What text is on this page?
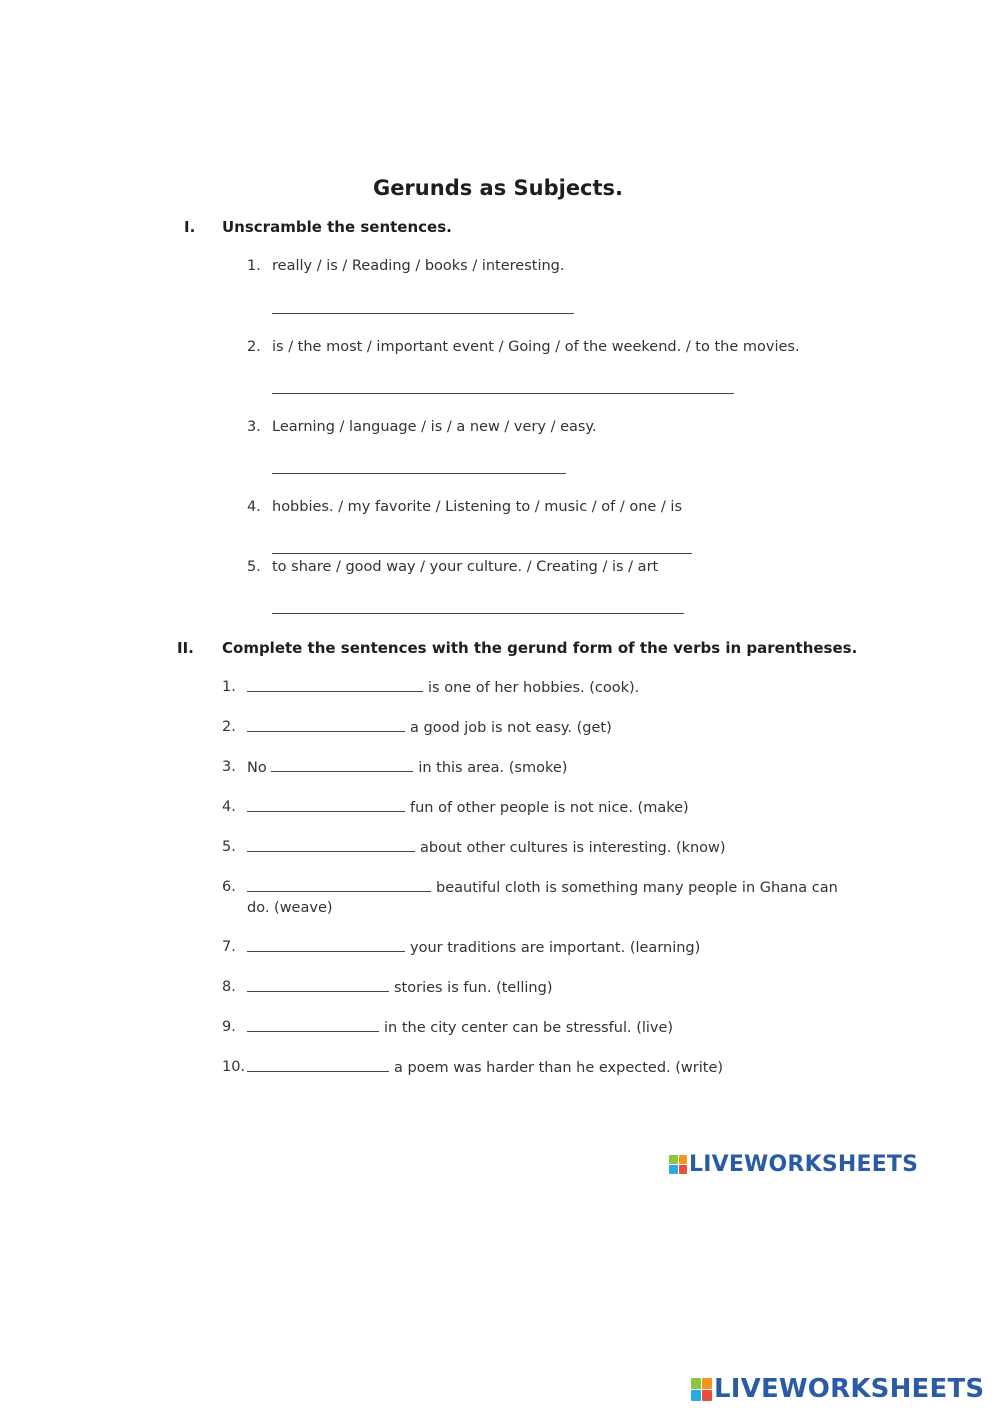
Gerunds as Subjects.
I. Unscramble the sentences.
1. really / is / Reading / books / interesting.
2. is / the most / important event / Going / of the weekend. / to the movies.
3. Learning / language / is / a new / very / easy.
4. hobbies. / my favorite / Listening to / music / of / one / is
5. to share / good way / your culture. / Creating / is / art
II. Complete the sentences with the gerund form of the verbs in parentheses.
1.	is one of her hobbies. (cook).
2.	a good job is not easy. (get)
3. No	in this area. (smoke)
4.	fun of other people is not nice. (make)
5.	about other cultures is interesting. (know)
6.	beautiful cloth is something many people in Ghana can
do. (weave)
7.	your traditions are important. (learning)
8.	stories is fun. (telling)
9.	in the city center can be stressful. (live)
10.	a poem was harder than he expected. (write)
LIVEWORKSHEETS
LIVEWORKSHEETS
